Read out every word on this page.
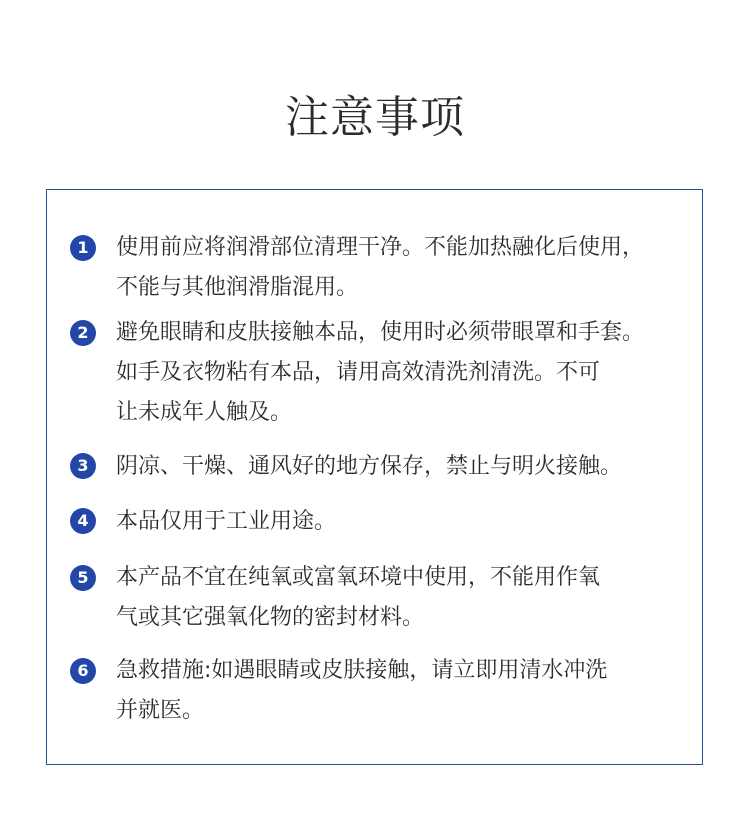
注意事项
1	使用前应将润滑部位清理干净。不能加热融化后使用，
不能与其他润滑脂混用。
2	避免眼睛和皮肤接触本品，使用时必须带眼罩和手套。
如手及衣物粘有本品，请用高效清洗剂清洗。不可
让未成年人触及。
3	阴凉、干燥、通风好的地方保存，禁止与明火接触。
4	本品仅用于工业用途。
5	本产品不宜在纯氧或富氧环境中使用，不能用作氧
气或其它强氧化物的密封材料。
6	急救措施:如遇眼睛或皮肤接触，请立即用清水冲洗
并就医。
